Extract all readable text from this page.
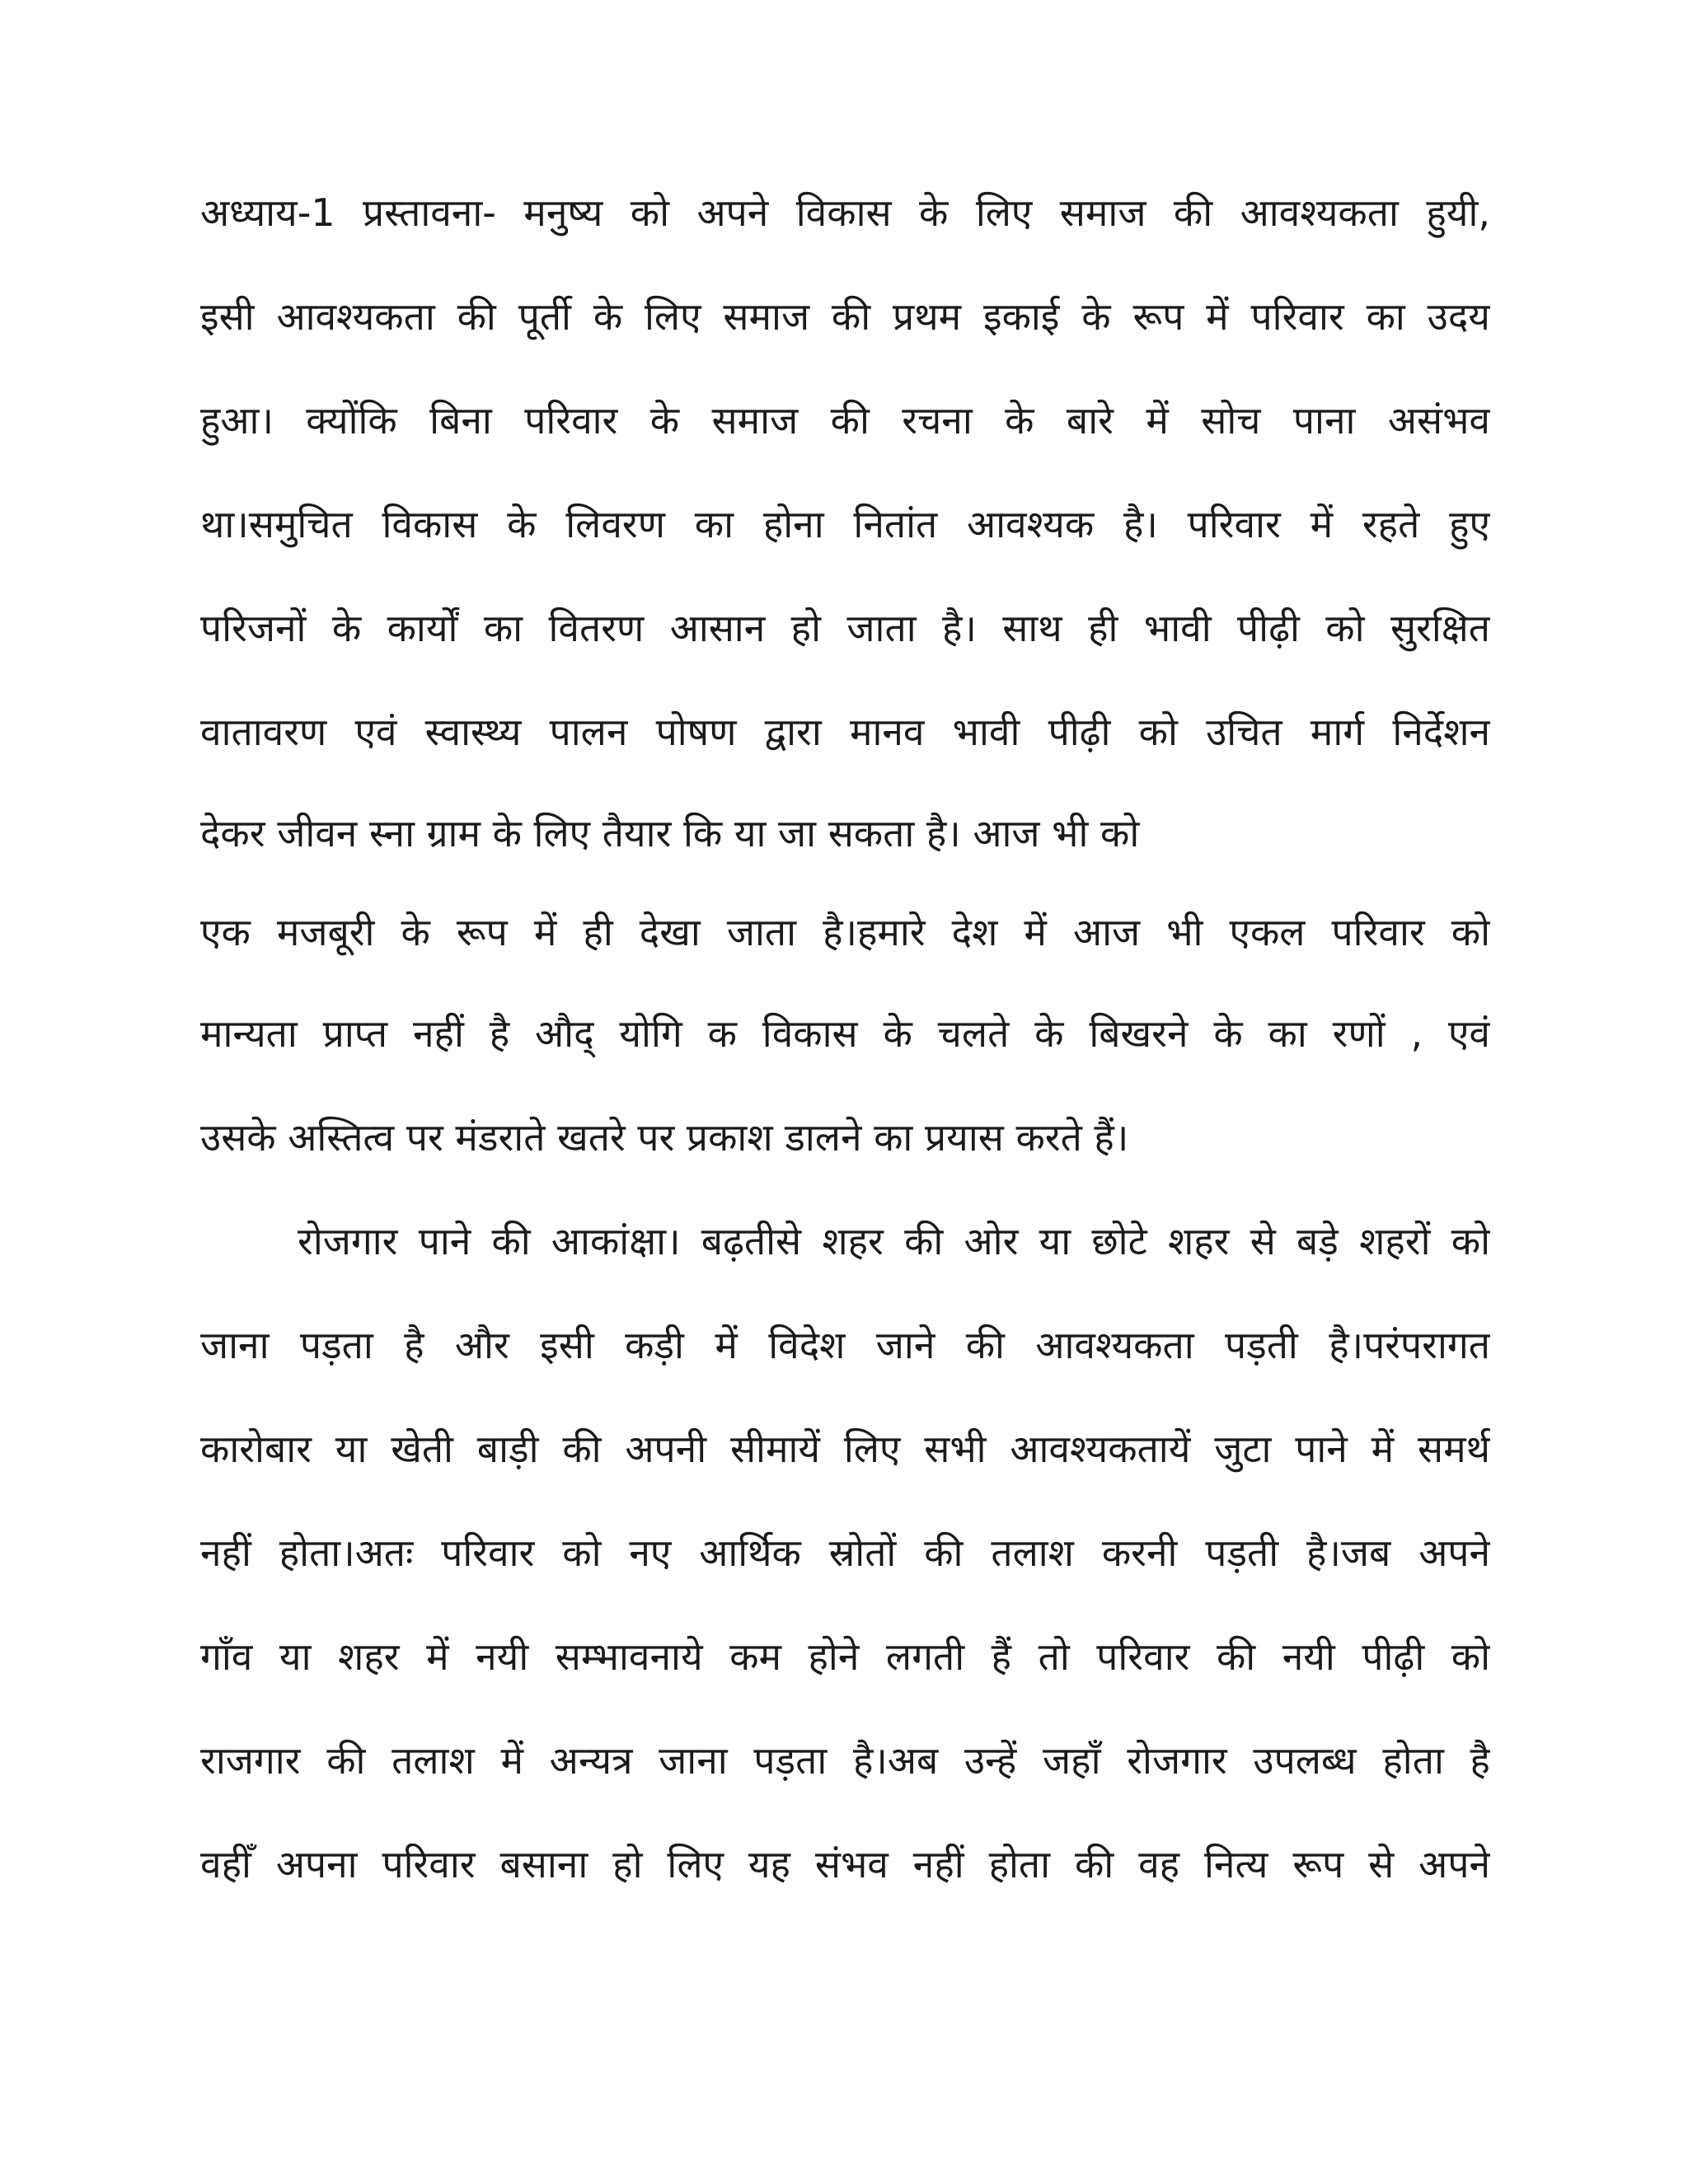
अध्याय-1 प्रस्तावना- मनुष्य को अपने विकास के लिए समाज की आवश्यकता हुयी,
इसी आवश्यकता की पूर्ती के लिए समाज की प्रथम इकाई के रूप में परिवार का उदय
हुआ। क्योंकि बिना परिवार के समाज की रचना के बारे में सोच पाना असंभव
था।समुचित विकास के लिवरण का होना नितांत आवश्यक है। परिवार में रहते हुए
परिजनों के कार्यों का वितरण आसान हो जाता है। साथ ही भावी पीढ़ी को सुरक्षित
वातावरण एवं स्वास्थ्य पालन पोषण द्वारा मानव भावी पीढ़ी को उचित मार्ग निर्देशन
देकर जीवन स्ना ग्राम के लिए तैयार कि या जा सकता है। आज भी को
एक मजबूरी के रूप में ही देखा जाता है।हमारे देश में आज भी एकल परिवार को
मान्यता प्राप्त नहीं है औद् योगि क विकास के चलते के बिखरने के का रणों , एवं
उसके अस्तित्व पर मंडराते खतरे पर प्रकाश डालने का प्रयास करते हैं।
रोजगार पाने की आकांक्षा। बढ़तीसे शहर की ओर या छोटे शहर से बड़े शहरों को
जाना पड़ता है और इसी कड़ी में विदेश जाने की आवश्यकता पड़ती है।परंपरागत
कारोबार या खेती बाड़ी की अपनी सीमायें लिए सभी आवश्यकतायें जुटा पाने में समर्थ
नहीं होता।अतः परिवार को नए आर्थिक स्रोतों की तलाश करनी पड़ती है।जब अपने
गाँव या शहर में नयी सम्भावनाये कम होने लगती हैं तो परिवार की नयी पीढ़ी को
राजगार की तलाश में अन्यत्र जाना पड़ता है।अब उन्हें जहाँ रोजगार उपलब्ध होता है
वहीँ अपना परिवार बसाना हो लिए यह संभव नहीं होता की वह नित्य रूप से अपने
